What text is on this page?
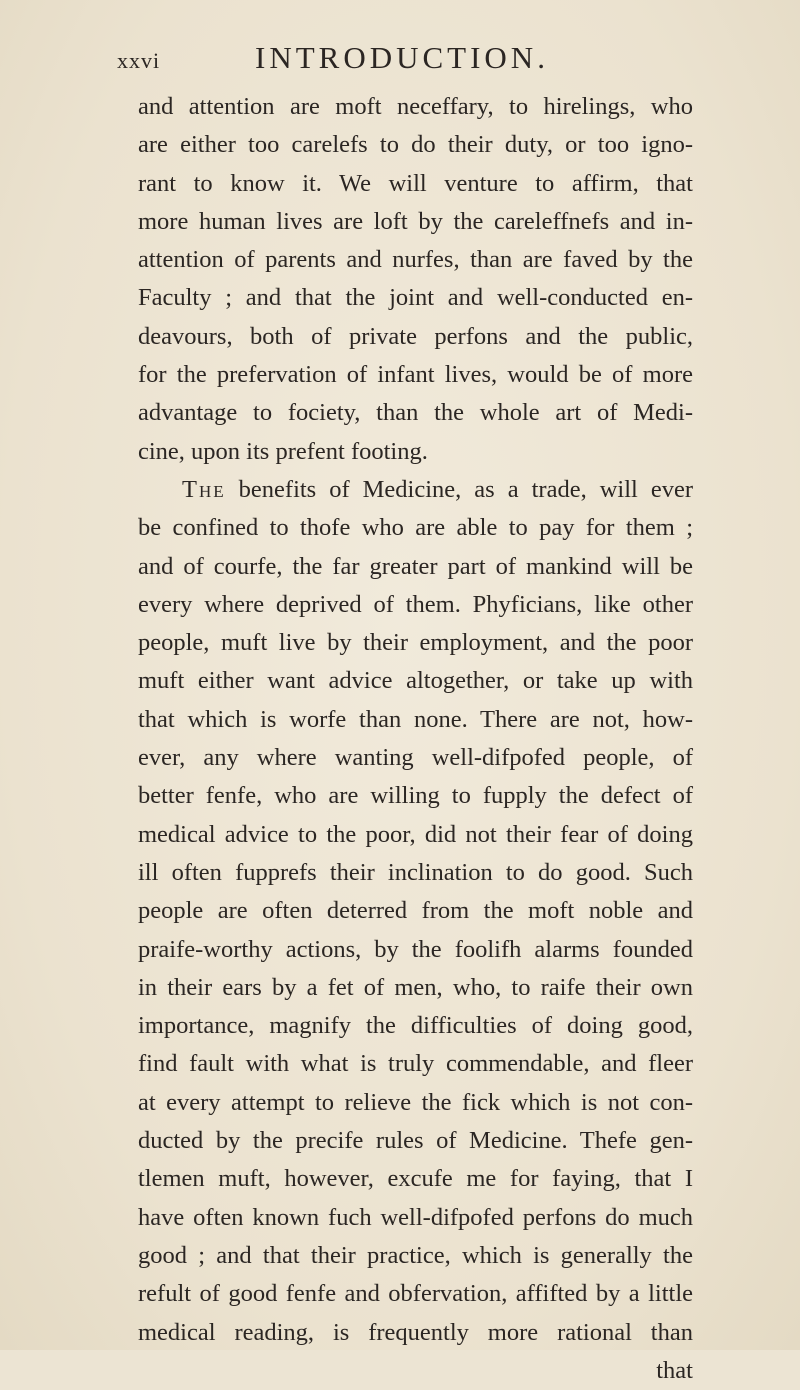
xxvi	INTRODUCTION.
and attention are moft neceffary, to hirelings, who
are either too carelefs to do their duty, or too igno-
rant to know it. We will venture to affirm, that
more human lives are loft by the careleffnefs and in-
attention of parents and nurfes, than are faved by the
Faculty ; and that the joint and well-conducted en-
deavours, both of private perfons and the public,
for the prefervation of infant lives, would be of more
advantage to fociety, than the whole art of Medi-
cine, upon its prefent footing.
The benefits of Medicine, as a trade, will ever
be confined to thofe who are able to pay for them ;
and of courfe, the far greater part of mankind will be
every where deprived of them. Phyficians, like other
people, muft live by their employment, and the poor
muft either want advice altogether, or take up with
that which is worfe than none. There are not, how-
ever, any where wanting well-difpofed people, of
better fenfe, who are willing to fupply the defect of
medical advice to the poor, did not their fear of doing
ill often fupprefs their inclination to do good. Such
people are often deterred from the moft noble and
praife-worthy actions, by the foolifh alarms founded
in their ears by a fet of men, who, to raife their own
importance, magnify the difficulties of doing good,
find fault with what is truly commendable, and fleer
at every attempt to relieve the fick which is not con-
ducted by the precife rules of Medicine. Thefe gen-
tlemen muft, however, excufe me for faying, that I
have often known fuch well-difpofed perfons do much
good ; and that their practice, which is generally the
refult of good fenfe and obfervation, affifted by a little
medical reading, is frequently more rational than
that
